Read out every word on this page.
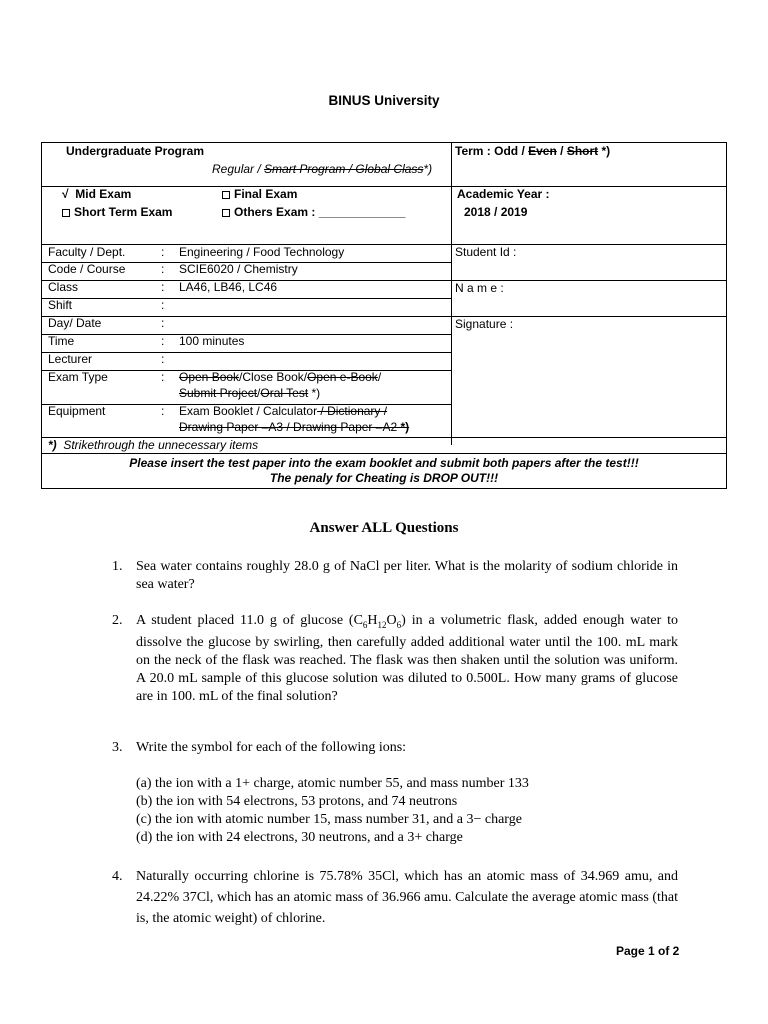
BINUS University
Undergraduate Program
Regular / Smart Program / Global Class*)
Term : Odd / Even / Short *)
√ Mid Exam	Final Exam
Short Term Exam	Others Exam : _____________
Academic Year :
2018 / 2019
Faculty / Dept.	: Engineering / Food Technology
Code / Course	: SCIE6020 / Chemistry
Class	: LA46, LB46, LC46
Shift	:
Day/ Date	:
Time	: 100 minutes
Lecturer	:
Exam Type	: Open Book/Close Book/Open e-Book/
Submit Project/Oral Test *)
Equipment	: Exam Booklet / Calculator / Dictionary /
Drawing Paper –A3 / Drawing Paper –A2 *)
Student Id :
N a m e :
Signature :
*) Strikethrough the unnecessary items
Please insert the test paper into the exam booklet and submit both papers after the test!!!
The penaly for Cheating is DROP OUT!!!
Answer ALL Questions
1. Sea water contains roughly 28.0 g of NaCl per liter. What is the molarity of sodium chloride in sea water?
2. A student placed 11.0 g of glucose $(C_6H_{12}O_6)$ in a volumetric flask, added enough water to dissolve the glucose by swirling, then carefully added additional water until the 100. mL mark on the neck of the flask was reached. The flask was then shaken until the solution was uniform. A 20.0 mL sample of this glucose solution was diluted to 0.500L. How many grams of glucose are in 100. mL of the final solution?
3. Write the symbol for each of the following ions:
(a) the ion with a 1+ charge, atomic number 55, and mass number 133
(b) the ion with 54 electrons, 53 protons, and 74 neutrons
(c) the ion with atomic number 15, mass number 31, and a 3− charge
(d) the ion with 24 electrons, 30 neutrons, and a 3+ charge
4. Naturally occurring chlorine is 75.78% 35Cl, which has an atomic mass of 34.969 amu, and 24.22% 37Cl, which has an atomic mass of 36.966 amu. Calculate the average atomic mass (that is, the atomic weight) of chlorine.
Page 1 of 2
